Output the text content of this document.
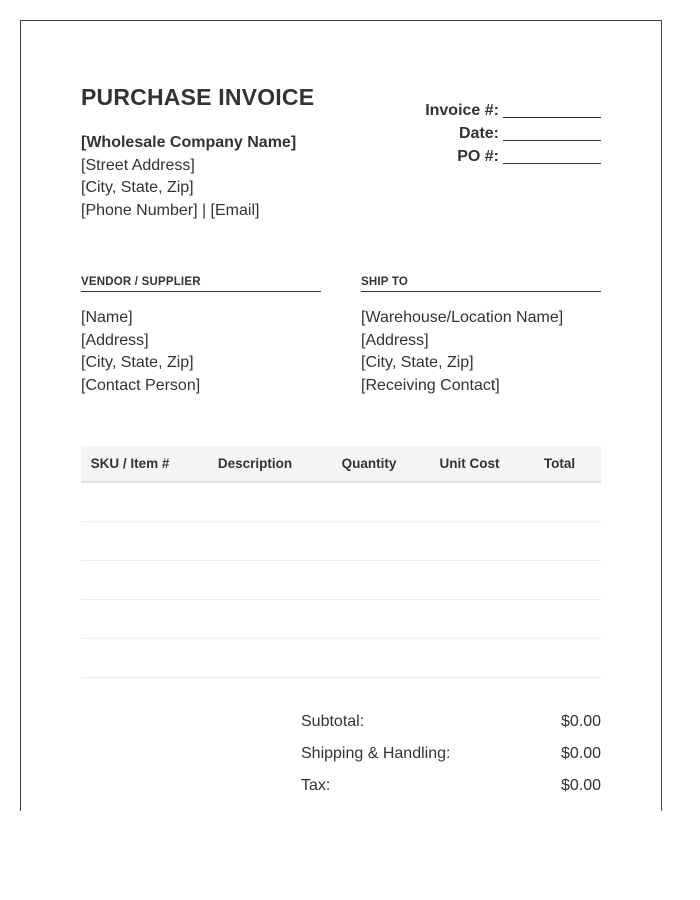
PURCHASE INVOICE
[Wholesale Company Name]
[Street Address]
[City, State, Zip]
[Phone Number] | [Email]
Invoice #:
Date:
PO #:
VENDOR / SUPPLIER
[Name]
[Address]
[City, State, Zip]
[Contact Person]
SHIP TO
[Warehouse/Location Name]
[Address]
[City, State, Zip]
[Receiving Contact]
SKU / Item #	Description	Quantity	Unit Cost	Total
Subtotal:	$0.00
Shipping & Handling:	$0.00
Tax:	$0.00
